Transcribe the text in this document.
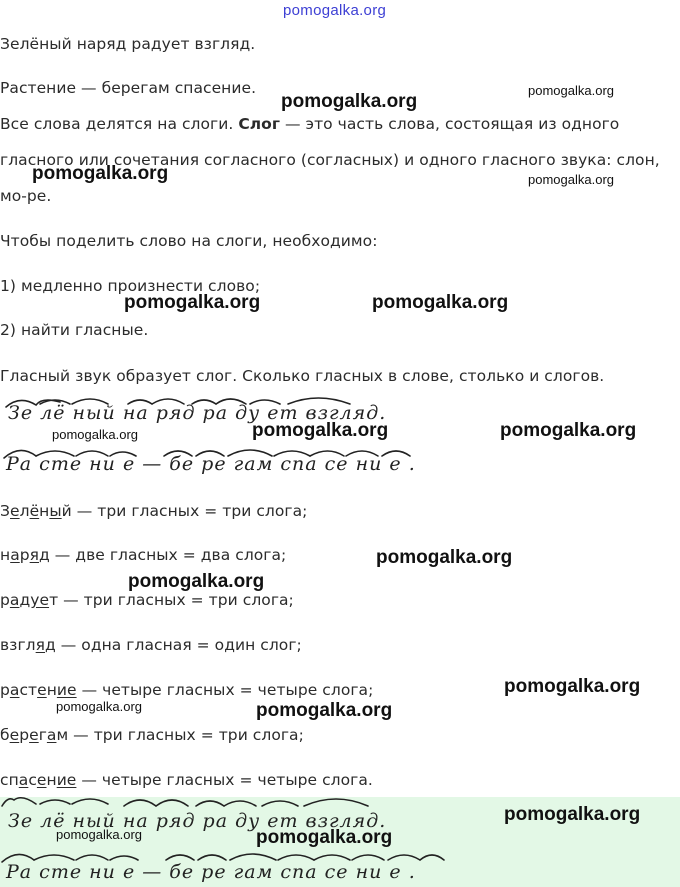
pomogalka.org
Зелёный наряд радует взгляд.
Растение — берегам спасение.
Все слова делятся на слоги. Слог — это часть слова, состоящая из одного
гласного или сочетания согласного (согласных) и одного гласного звука: слон,
мо-ре.
Чтобы поделить слово на слоги, необходимо:
1) медленно произнести слово;
2) найти гласные.
Гласный звук образует слог. Сколько гласных в слове, столько и слогов.
Зе лё ный на ряд ра ду ет взгляд.
Ра сте ни е — бе ре гам спа се ни е .
Зелёный — три гласных = три слога;
наряд — две гласных = два слога;
радует — три гласных = три слога;
взгляд — одна гласная = один слог;
растение — четыре гласных = четыре слога;
берегам — три гласных = три слога;
спасение — четыре гласных = четыре слога.
Зе лё ный на ряд ра ду ет взгляд.
Ра сте ни е — бе ре гам спа се ни е .
pomogalka.org
pomogalka.org
pomogalka.org	pomogalka.org
pomogalka.org	pomogalka.org
pomogalka.org	pomogalka.org	pomogalka.org
pomogalka.org
pomogalka.org
pomogalka.org
pomogalka.org	pomogalka.org
pomogalka.org
pomogalka.org	pomogalka.org
